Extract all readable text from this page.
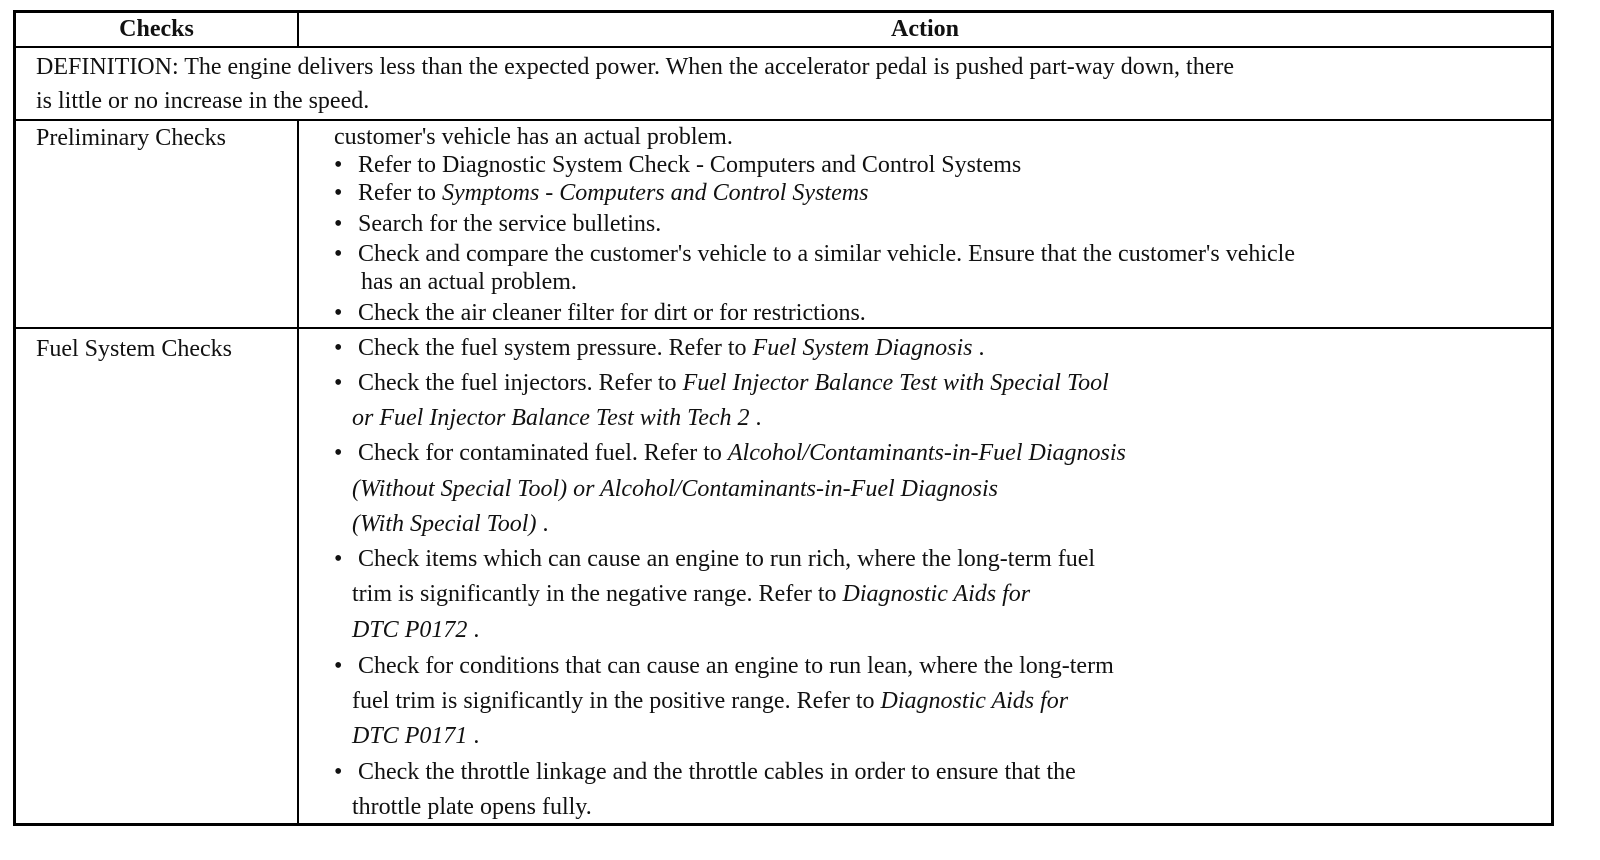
Checks	Action
DEFINITION: The engine delivers less than the expected power. When the accelerator pedal is pushed part-way down, there
is little or no increase in the speed.
Preliminary Checks	customer's vehicle has an actual problem.
• Refer to Diagnostic System Check - Computers and Control Systems
• Refer to Symptoms - Computers and Control Systems
• Search for the service bulletins.
• Check and compare the customer's vehicle to a similar vehicle. Ensure that the customer's vehicle
has an actual problem.
• Check the air cleaner filter for dirt or for restrictions.
Fuel System Checks	• Check the fuel system pressure. Refer to Fuel System Diagnosis .
• Check the fuel injectors. Refer to Fuel Injector Balance Test with Special Tool
or Fuel Injector Balance Test with Tech 2 .
• Check for contaminated fuel. Refer to Alcohol/Contaminants-in-Fuel Diagnosis
(Without Special Tool) or Alcohol/Contaminants-in-Fuel Diagnosis
(With Special Tool) .
• Check items which can cause an engine to run rich, where the long-term fuel
trim is significantly in the negative range. Refer to Diagnostic Aids for
DTC P0172 .
• Check for conditions that can cause an engine to run lean, where the long-term
fuel trim is significantly in the positive range. Refer to Diagnostic Aids for
DTC P0171 .
• Check the throttle linkage and the throttle cables in order to ensure that the
throttle plate opens fully.
